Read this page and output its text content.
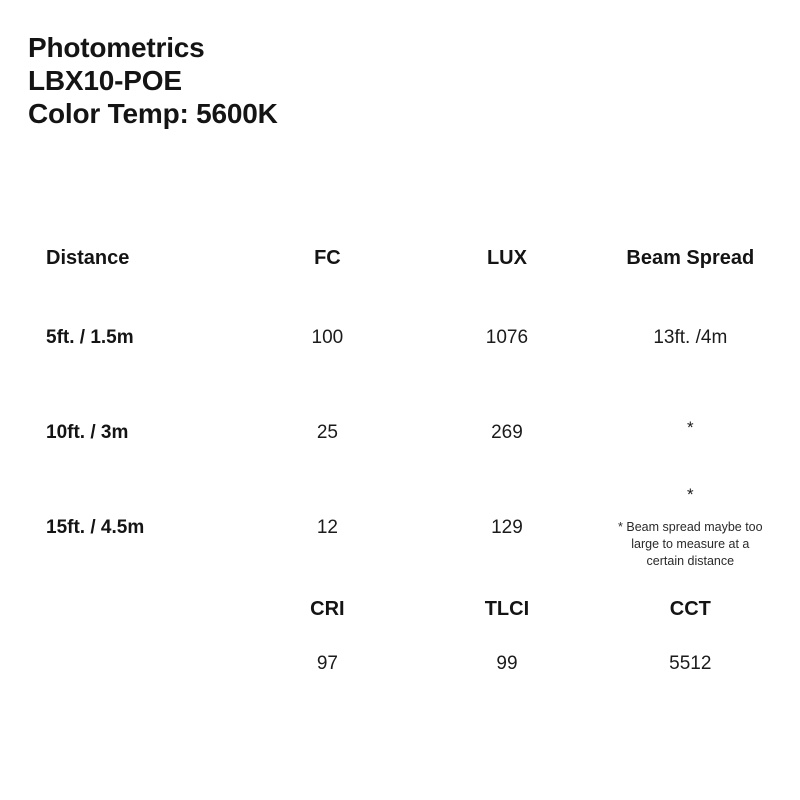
Photometrics
LBX10-POE
Color Temp: 5600K
Distance	FC	LUX	Beam Spread
5ft. / 1.5m	100	1076	13ft. /4m
10ft. / 3m	25	269	*
15ft. / 4.5m	12	129	*
* Beam spread maybe too large to measure at a certain distance
	CRI	TLCI	CCT
	97	99	5512
